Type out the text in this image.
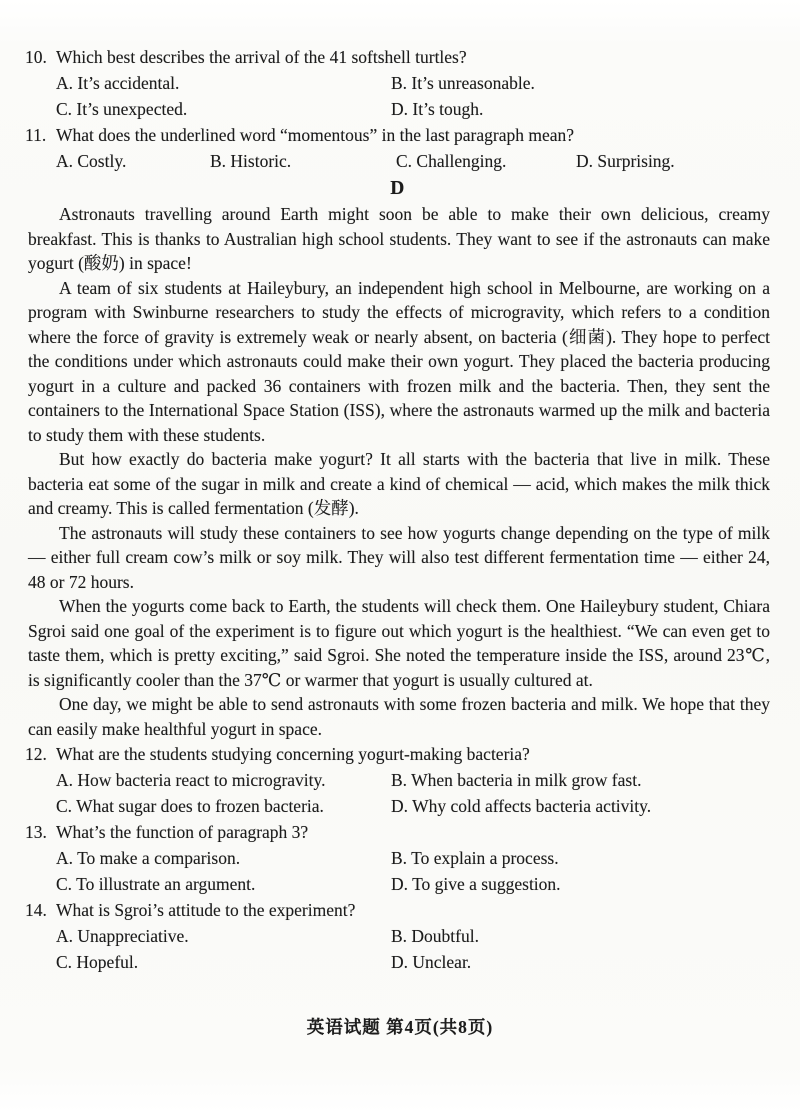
10. Which best describes the arrival of the 41 softshell turtles?
A. It’s accidental.	B. It’s unreasonable.
C. It’s unexpected.	D. It’s tough.
11. What does the underlined word “momentous” in the last paragraph mean?
A. Costly.	B. Historic.	C. Challenging.	D. Surprising.
D

Astronauts travelling around Earth might soon be able to make their own delicious, creamy breakfast. This is thanks to Australian high school students. They want to see if the astronauts can make yogurt (酸奶) in space!

A team of six students at Haileybury, an independent high school in Melbourne, are working on a program with Swinburne researchers to study the effects of microgravity, which refers to a condition where the force of gravity is extremely weak or nearly absent, on bacteria (细菌). They hope to perfect the conditions under which astronauts could make their own yogurt. They placed the bacteria producing yogurt in a culture and packed 36 containers with frozen milk and the bacteria. Then, they sent the containers to the International Space Station (ISS), where the astronauts warmed up the milk and bacteria to study them with these students.

But how exactly do bacteria make yogurt? It all starts with the bacteria that live in milk. These bacteria eat some of the sugar in milk and create a kind of chemical — acid, which makes the milk thick and creamy. This is called fermentation (发酵).

The astronauts will study these containers to see how yogurts change depending on the type of milk — either full cream cow’s milk or soy milk. They will also test different fermentation time — either 24, 48 or 72 hours.

When the yogurts come back to Earth, the students will check them. One Haileybury student, Chiara Sgroi said one goal of the experiment is to figure out which yogurt is the healthiest. “We can even get to taste them, which is pretty exciting,” said Sgroi. She noted the temperature inside the ISS, around 23℃, is significantly cooler than the 37℃ or warmer that yogurt is usually cultured at.

One day, we might be able to send astronauts with some frozen bacteria and milk. We hope that they can easily make healthful yogurt in space.

12. What are the students studying concerning yogurt-making bacteria?
A. How bacteria react to microgravity.	B. When bacteria in milk grow fast.
C. What sugar does to frozen bacteria.	D. Why cold affects bacteria activity.
13. What’s the function of paragraph 3?
A. To make a comparison.	B. To explain a process.
C. To illustrate an argument.	D. To give a suggestion.
14. What is Sgroi’s attitude to the experiment?
A. Unappreciative.	B. Doubtful.
C. Hopeful.	D. Unclear.
英语试题 第4页(共8页)
